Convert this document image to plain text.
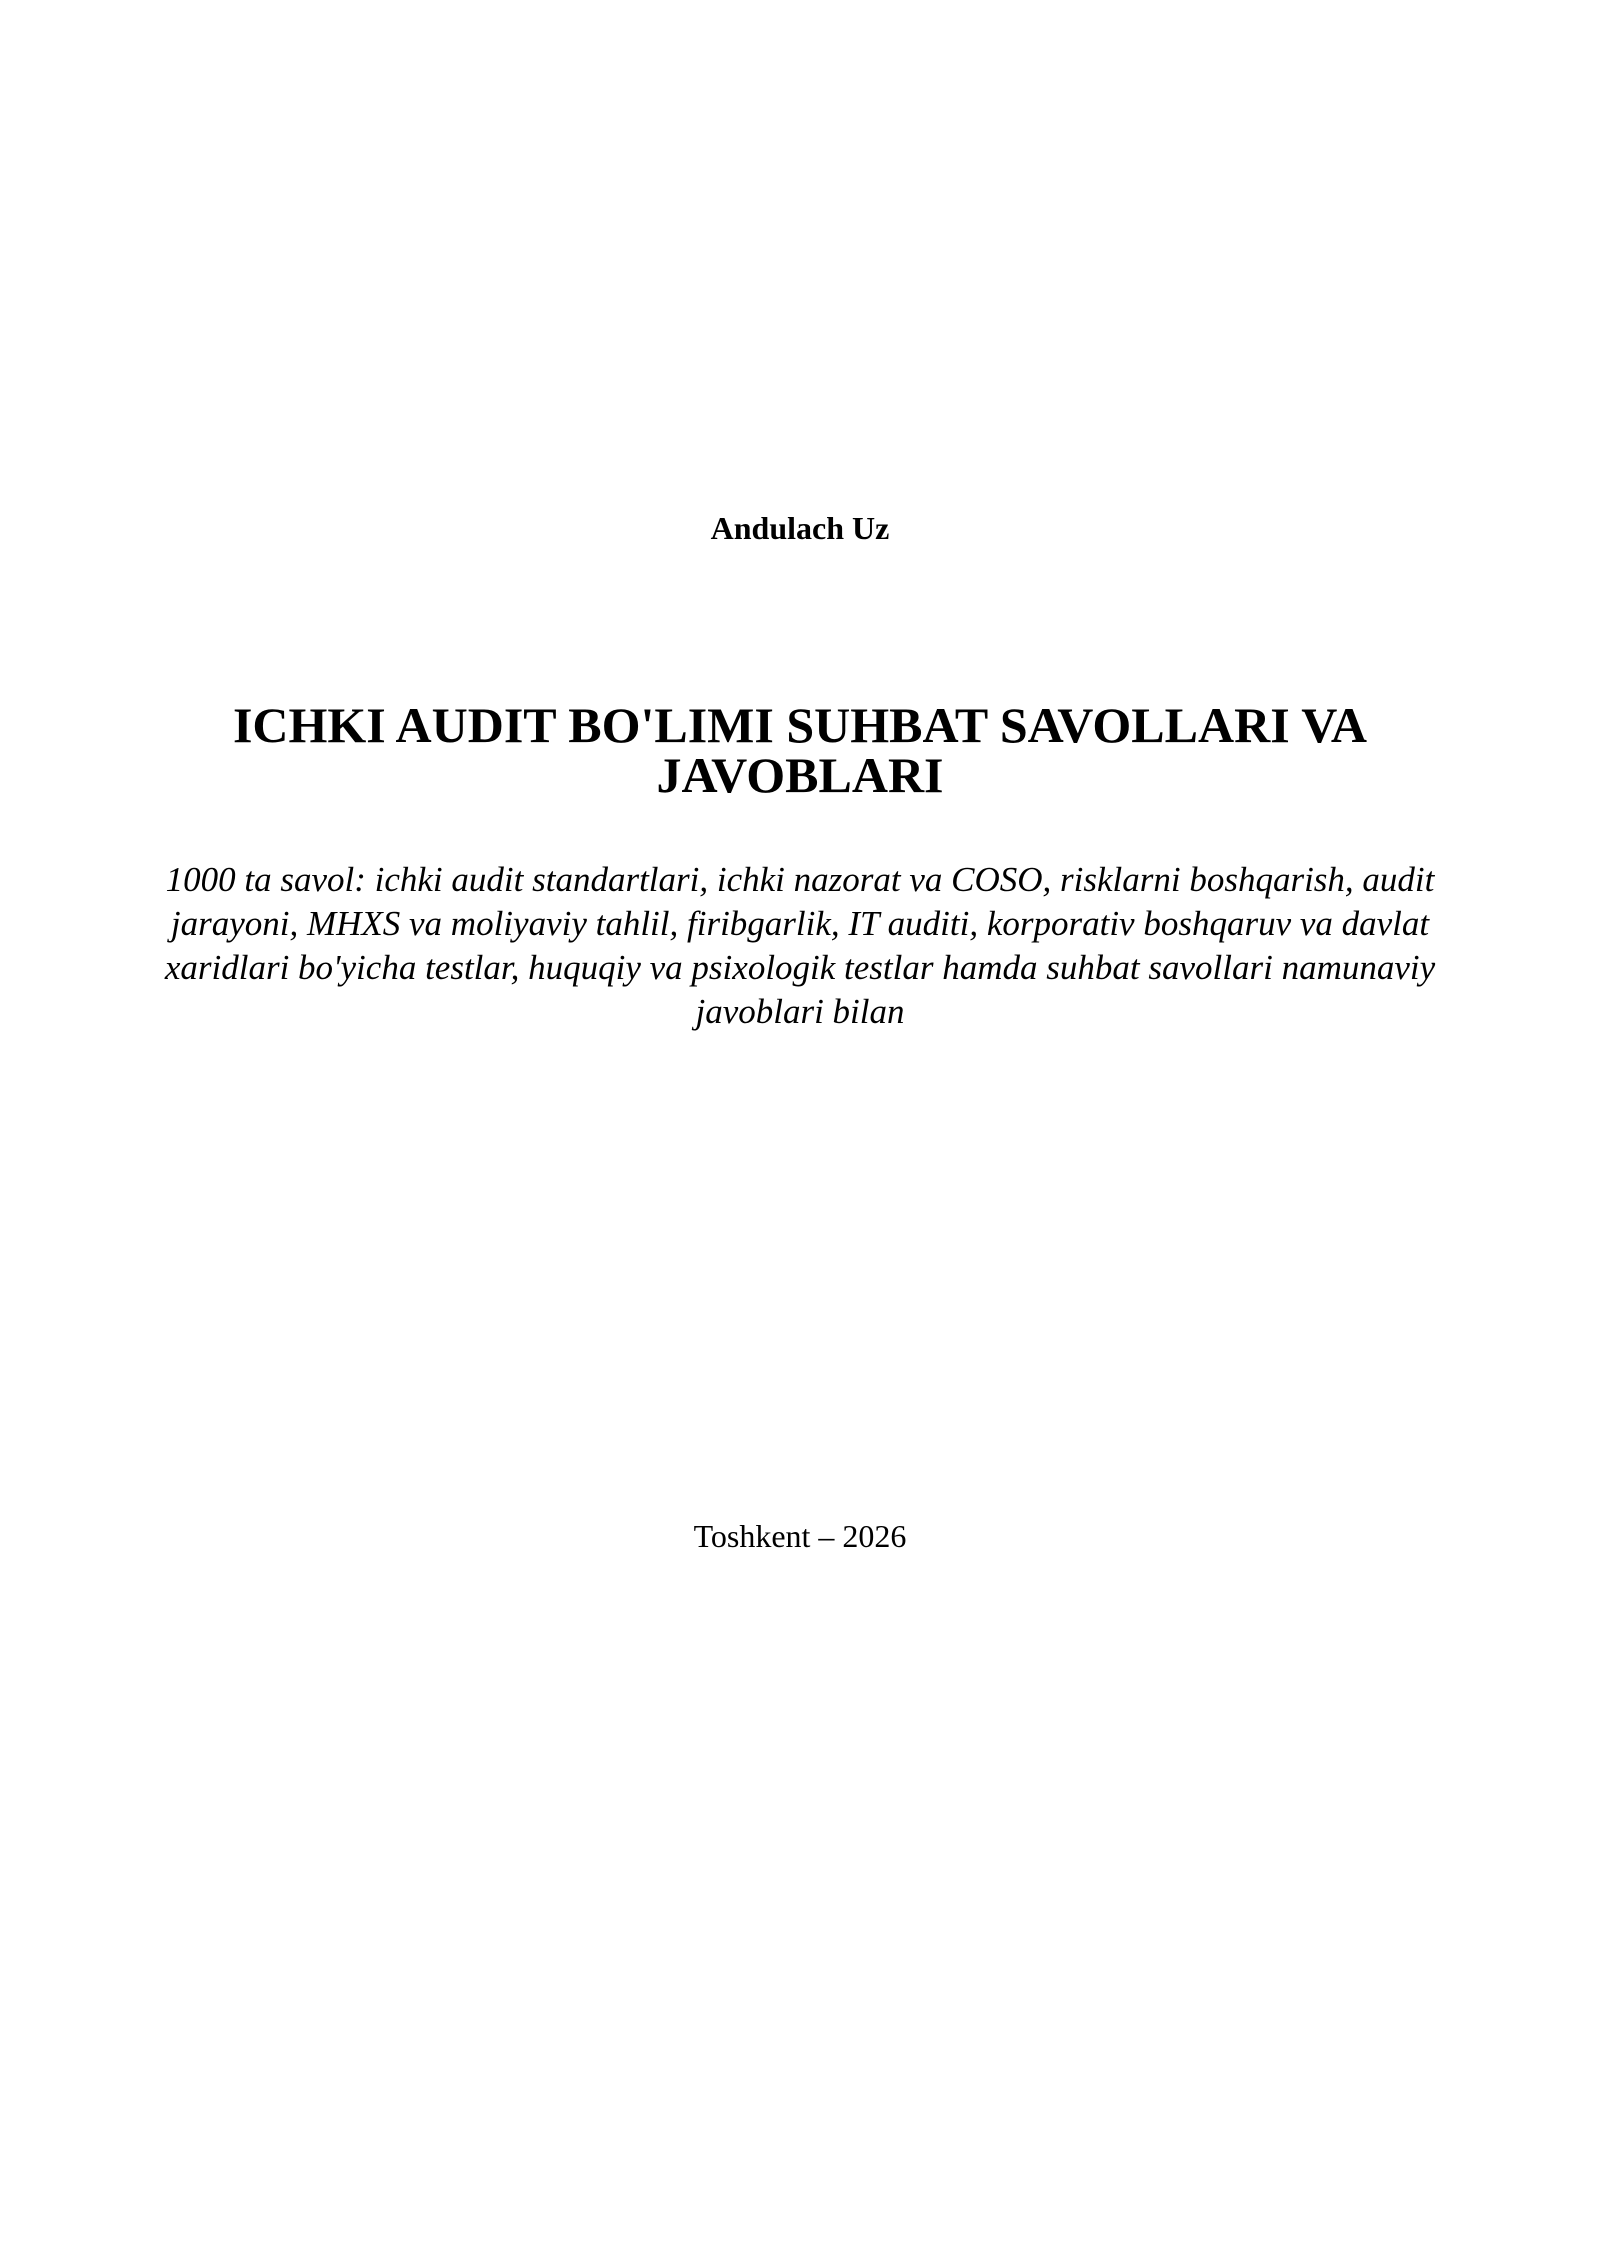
Andulach Uz
ICHKI AUDIT BO'LIMI SUHBAT SAVOLLARI VA JAVOBLARI

1000 ta savol: ichki audit standartlari, ichki nazorat va COSO, risklarni boshqarish, audit jarayoni, MHXS va moliyaviy tahlil, firibgarlik, IT auditi, korporativ boshqaruv va davlat xaridlari bo'yicha testlar, huquqiy va psixologik testlar hamda suhbat savollari namunaviy javoblari bilan

Toshkent – 2026
